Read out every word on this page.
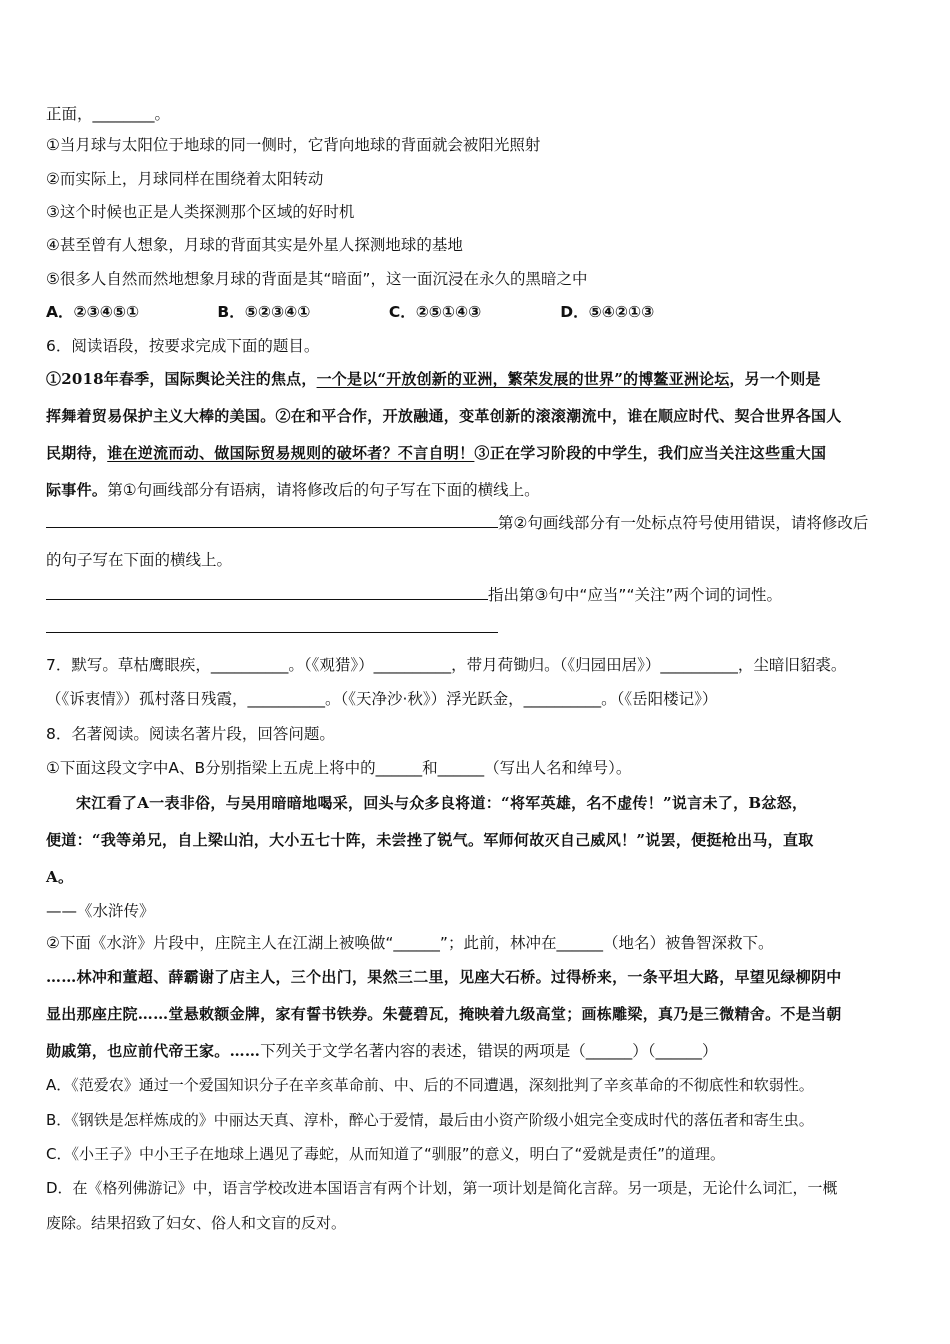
正面，________。
①当月球与太阳位于地球的同一侧时，它背向地球的背面就会被阳光照射
②而实际上，月球同样在围绕着太阳转动
③这个时候也正是人类探测那个区域的好时机
④甚至曾有人想象，月球的背面其实是外星人探测地球的基地
⑤很多人自然而然地想象月球的背面是其“暗面”，这一面沉浸在永久的黑暗之中
A．②③④⑤①	B．⑤②③④①	C．②⑤①④③	D．⑤④②①③
6．阅读语段，按要求完成下面的题目。
①2018年春季，国际舆论关注的焦点，一个是以“开放创新的亚洲，繁荣发展的世界”的博鳌亚洲论坛，另一个则是
挥舞着贸易保护主义大棒的美国。②在和平合作，开放融通，变革创新的滚滚潮流中，谁在顺应时代、契合世界各国人
民期待，谁在逆流而动、做国际贸易规则的破坏者？不言自明！③正在学习阶段的中学生，我们应当关注这些重大国
际事件。第①句画线部分有语病，请将修改后的句子写在下面的横线上。
第②句画线部分有一处标点符号使用错误，请将修改后
的句子写在下面的横线上。
指出第③句中“应当”“关注”两个词的词性。
7．默写。草枯鹰眼疾，__________。（《观猎》）__________，带月荷锄归。（《归园田居》）__________，尘暗旧貂裘。
（《诉衷情》）孤村落日残霞，__________。（《天净沙·秋》）浮光跃金，__________。（《岳阳楼记》）
8．名著阅读。阅读名著片段，回答问题。
①下面这段文字中A、B分别指梁上五虎上将中的______和______（写出人名和绰号）。
宋江看了A一表非俗，与吴用暗暗地喝采，回头与众多良将道：“将军英雄，名不虚传！”说言未了，B忿怒，
便道：“我等弟兄，自上梁山泊，大小五七十阵，未尝挫了锐气。军师何故灭自己威风！”说罢，便挺枪出马，直取
A。
——《水浒传》
②下面《水浒》片段中，庄院主人在江湖上被唤做“______”；此前，林冲在______（地名）被鲁智深救下。
……林冲和董超、薛霸谢了店主人，三个出门，果然三二里，见座大石桥。过得桥来，一条平坦大路，早望见绿柳阴中
显出那座庄院……堂悬敕额金牌，家有誓书铁券。朱甍碧瓦，掩映着九级高堂；画栋雕梁，真乃是三微精舍。不是当朝
勋戚第，也应前代帝王家。……下列关于文学名著内容的表述，错误的两项是（______）（______）
A．《范爱农》通过一个爱国知识分子在辛亥革命前、中、后的不同遭遇，深刻批判了辛亥革命的不彻底性和软弱性。
B．《钢铁是怎样炼成的》中丽达天真、淳朴，醉心于爱情，最后由小资产阶级小姐完全变成时代的落伍者和寄生虫。
C．《小王子》中小王子在地球上遇见了毒蛇，从而知道了“驯服”的意义，明白了“爱就是责任”的道理。
D．在《格列佛游记》中，语言学校改进本国语言有两个计划，第一项计划是简化言辞。另一项是，无论什么词汇，一概
废除。结果招致了妇女、俗人和文盲的反对。
